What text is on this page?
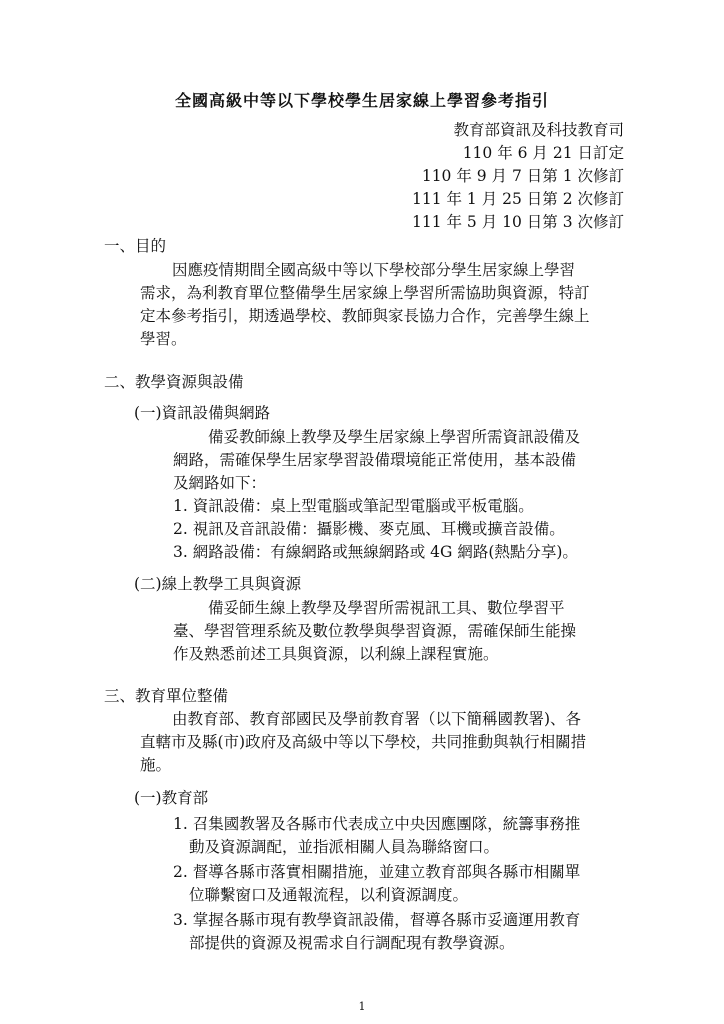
全國高級中等以下學校學生居家線上學習參考指引
教育部資訊及科技教育司
110 年 6 月 21 日訂定
110 年 9 月 7 日第 1 次修訂
111 年 1 月 25 日第 2 次修訂
111 年 5 月 10 日第 3 次修訂
一、目的
因應疫情期間全國高級中等以下學校部分學生居家線上學習
需求，為利教育單位整備學生居家線上學習所需協助與資源，特訂
定本參考指引，期透過學校、教師與家長協力合作，完善學生線上
學習。
二、教學資源與設備
(一)資訊設備與網路
備妥教師線上教學及學生居家線上學習所需資訊設備及
網路，需確保學生居家學習設備環境能正常使用，基本設備
及網路如下：
1. 資訊設備：桌上型電腦或筆記型電腦或平板電腦。
2. 視訊及音訊設備：攝影機、麥克風、耳機或擴音設備。
3. 網路設備：有線網路或無線網路或 4G 網路(熱點分享)。
(二)線上教學工具與資源
備妥師生線上教學及學習所需視訊工具、數位學習平
臺、學習管理系統及數位教學與學習資源，需確保師生能操
作及熟悉前述工具與資源，以利線上課程實施。
三、教育單位整備
由教育部、教育部國民及學前教育署（以下簡稱國教署)、各
直轄市及縣(市)政府及高級中等以下學校，共同推動與執行相關措
施。
(一)教育部
1. 召集國教署及各縣市代表成立中央因應團隊，統籌事務推
動及資源調配，並指派相關人員為聯絡窗口。
2. 督導各縣市落實相關措施，並建立教育部與各縣市相關單
位聯繫窗口及通報流程，以利資源調度。
3. 掌握各縣市現有教學資訊設備，督導各縣市妥適運用教育
部提供的資源及視需求自行調配現有教學資源。
1
